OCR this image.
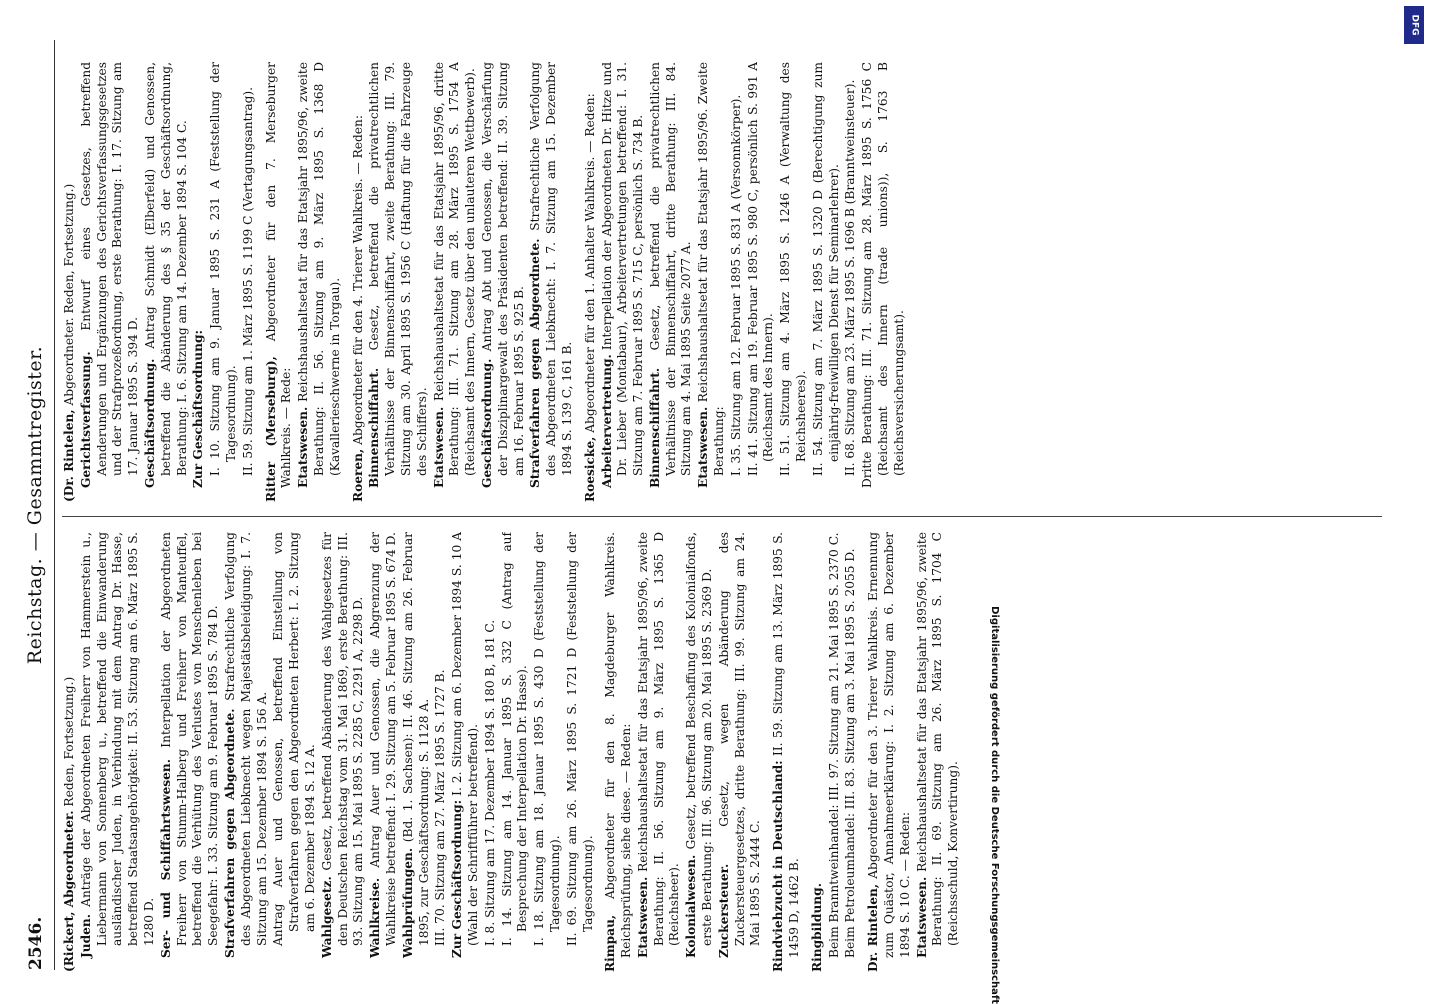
2546.
Reichstag. — Gesammtregister.
(Rickert, Abgeordneter. Reden, Fortsetzung.)
Juden. Anträge der Abgeordneten Freiherr von Hammerstein u., Liebermann von Sonnenberg u., betreffend die Einwanderung ausländischer Juden, in Verbindung mit dem Antrag Dr. Hasse, betreffend Staatsangehörigkeit: II. 53. Sitzung am 6. März 1895 S. 1280 D. Ser- und Schiffahrtswesen. Interpellation der Abgeordneten Freiherr von Stumm-Halberg und Freiherr von Manteuffel, betreffend die Verhütung des Verlustes von Menschenleben bei Seegefahr: I. 33. Sitzung am 9. Februar 1895 S. 784 D. Strafverfahren gegen Abgeordnete. Strafrechtliche Verfolgung des Abgeordneten Liebknecht wegen Majestätsbeleidigung: I. 7. Sitzung am 15. Dezember 1894 S. 156 A. Antrag Auer und Genossen, betreffend Einstellung von Strafverfahren gegen den Abgeordneten Herbert: I. 2. Sitzung am 6. Dezember 1894 S. 12 A. Wahlgesetz. Gesetz, betreffend Abänderung des Wahlgesetzes für den Deutschen Reichstag vom 31. Mai 1869, erste Berathung: III. 93. Sitzung am 15. Mai 1895 S. 2285 C, 2291 A, 2298 D. Wahlkreise. Antrag Auer und Genossen, die Abgrenzung der Wahlkreise betreffend: I. 29. Sitzung am 5. Februar 1895 S. 674 D. Wahlprüfungen. (Bd. 1. Sachsen): II. 46. Sitzung am 26. Februar 1895, zur Geschäftsordnung: S. 1128 A. III. 70. Sitzung am 27. März 1895 S. 1727 B. Zur Geschäftsordnung: I. 2. Sitzung am 6. Dezember 1894 S. 10 A (Wahl der Schriftführer betreffend). I. 8. Sitzung am 17. Dezember 1894 S. 180 B, 181 C. I. 14. Sitzung am 14. Januar 1895 S. 332 C (Antrag auf Besprechung der Interpellation Dr. Hasse). I. 18. Sitzung am 18. Januar 1895 S. 430 D (Feststellung der Tagesordnung). II. 69. Sitzung am 26. März 1895 S. 1721 D (Feststellung der Tagesordnung).
Rimpau, Abgeordneter für den 8. Magdeburger Wahlkreis. Reichsprüfung, siehe diese. — Reden: Etatswesen. Reichshaushaltsetat für das Etatsjahr 1895/96, zweite Berathung: II. 56. Sitzung am 9. März 1895 S. 1365 D (Reichsheer). Kolonialwesen. Gesetz, betreffend Beschaffung des Kolonialfonds, erste Berathung: III. 96. Sitzung am 20. Mai 1895 S. 2369 D. Zuckersteuer. Gesetz, wegen Abänderung des Zuckersteuergesetzes, dritte Berathung: III. 99. Sitzung am 24. Mai 1895 S. 2444 C. Rindviehzucht in Deutschland: II. 59. Sitzung am 13. März 1895 S. 1459 D, 1462 B. Ringbildung. Beim Branntweinhandel: III. 97. Sitzung am 21. Mai 1895 S. 2370 C. Beim Petroleumhandel: III. 83. Sitzung am 3. Mai 1895 S. 2055 D. Dr. Rintelen, Abgeordneter für den 3. Trierer Wahlkreis. Ernennung zum Quästor, Annahmeerklärung: I. 2. Sitzung am 6. Dezember 1894 S. 10 C. — Reden: Etatswesen. Reichshaushaltsetat für das Etatsjahr 1895/96, zweite Berathung: II. 69. Sitzung am 26. März 1895 S. 1704 C (Reichsschuld, Konvertirung).
(Dr. Rintelen, Abgeordneter. Reden, Fortsetzung.)
Gerichtsverfassung. Entwurf eines Gesetzes, betreffend Aenderungen und Ergänzungen des Gerichtsverfassungsgesetzes und der Strafprozeßordnung, erste Berathung: I. 17. Sitzung am 17. Januar 1895 S. 394 D. Geschäftsordnung. Antrag Schmidt (Elberfeld) und Genossen, betreffend die Abänderung des § 35 der Geschäftsordnung, Berathung: I. 6. Sitzung am 14. Dezember 1894 S. 104 C. Zur Geschäftsordnung: I. 10. Sitzung am 9. Januar 1895 S. 231 A (Feststellung der Tagesordnung). II. 59. Sitzung am 1. März 1895 S. 1199 C (Vertagungsantrag). Ritter (Merseburg), Abgeordneter für den 7. Merseburger Wahlkreis. — Rede: Etatswesen. Reichshaushaltsetat für das Etatsjahr 1895/96, zweite Berathung: II. 56. Sitzung am 9. März 1895 S. 1368 D (Kavallerieschwerne in Torgau). Roeren, Abgeordneter für den 4. Trierer Wahlkreis. — Reden: Binnenschiffahrt. Gesetz, betreffend die privatrechtlichen Verhältnisse der Binnenschiffahrt, zweite Berathung: III. 79. Sitzung am 30. April 1895 S. 1956 C (Haftung für die Fahrzeuge des Schiffers). Etatswesen. Reichshaushaltsetat für das Etatsjahr 1895/96, dritte Berathung: III. 71. Sitzung am 28. März 1895 S. 1754 A (Reichsamt des Innern, Gesetz über den unlauteren Wettbewerb). Geschäftsordnung. Antrag Abt und Genossen, die Verschärfung der Disziplinargewalt des Präsidenten betreffend: II. 39. Sitzung am 16. Februar 1895 S. 925 B. Strafverfahren gegen Abgeordnete. Strafrechtliche Verfolgung des Abgeordneten Liebknecht: I. 7. Sitzung am 15. Dezember 1894 S. 139 C, 161 B. Roesicke, Abgeordneter für den 1. Anhalter Wahlkreis. — Reden: Arbeitervertretung. Interpellation der Abgeordneten Dr. Hitze und Dr. Lieber (Montabaur), Arbeitervertretungen betreffend: I. 31. Sitzung am 7. Februar 1895 S. 715 C, persönlich S. 734 B. Binnenschiffahrt. Gesetz, betreffend die privatrechtlichen Verhältnisse der Binnenschiffahrt, dritte Berathung: III. 84. Sitzung am 4. Mai 1895 Seite 2077 A. Etatswesen. Reichshaushaltsetat für das Etatsjahr 1895/96. Zweite Berathung: I. 35. Sitzung am 12. Februar 1895 S. 831 A (Versonnkörper). II. 41. Sitzung am 19. Februar 1895 S. 980 C, persönlich S. 991 A (Reichsamt des Innern). II. 51. Sitzung am 4. März 1895 S. 1246 A (Verwaltung des Reichsheeres). II. 54. Sitzung am 7. März 1895 S. 1320 D (Berechtigung zum einjährig-freiwilligen Dienst für Seminarlehrer). II. 68. Sitzung am 23. März 1895 S. 1696 B (Branntweinsteuer). Dritte Berathung: III. 71. Sitzung am 28. März 1895 S. 1756 C (Reichsamt des Innern (trade unions)), S. 1763 B (Reichsversicherungsamt).
DFG
Digitalisierung gefördert durch die Deutsche Forschungsgemeinschaft
